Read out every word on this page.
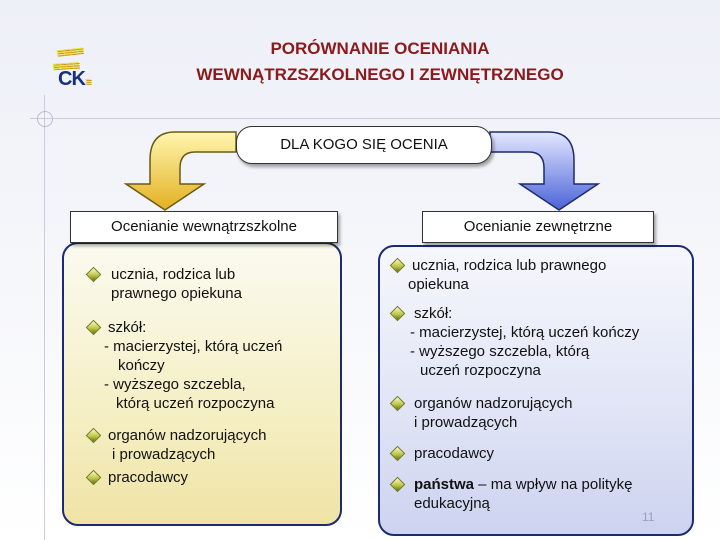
≡≡≡≡
≡≡≡≡
CK≡
PORÓWNANIE OCENIANIA
WEWNĄTRZSZKOLNEGO I ZEWNĘTRZNEGO
DLA KOGO SIĘ OCENIA
Ocenianie wewnątrzszkolne	Ocenianie zewnętrzne
ucznia, rodzica lub
prawnego opiekuna
szkół:
- macierzystej, którą uczeń
kończy
- wyższego szczebla,
którą uczeń rozpoczyna
organów nadzorujących
i prowadzących
pracodawcy
ucznia, rodzica lub prawnego
opiekuna
szkół:
- macierzystej, którą uczeń kończy
- wyższego szczebla, którą
uczeń rozpoczyna
organów nadzorujących
i prowadzących
pracodawcy
państwa – ma wpływ na politykę
edukacyjną
11
